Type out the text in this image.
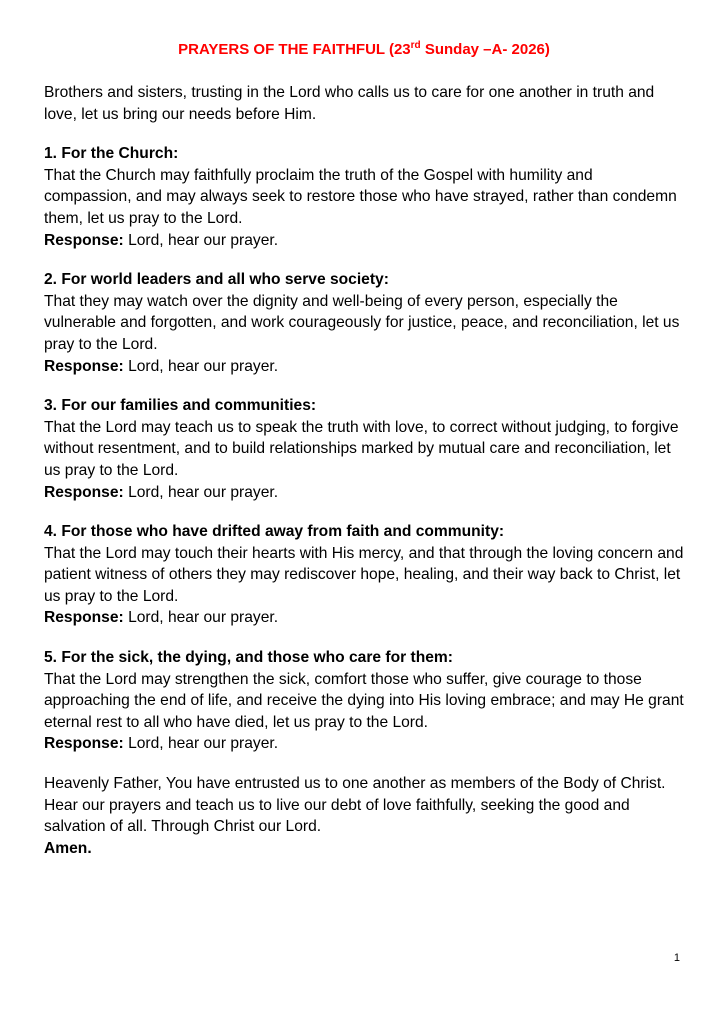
PRAYERS OF THE FAITHFUL (23rd Sunday –A- 2026)

Brothers and sisters, trusting in the Lord who calls us to care for one another in truth and love, let us bring our needs before Him.

1. For the Church:
That the Church may faithfully proclaim the truth of the Gospel with humility and compassion, and may always seek to restore those who have strayed, rather than condemn them, let us pray to the Lord.
Response: Lord, hear our prayer.

2. For world leaders and all who serve society:
That they may watch over the dignity and well-being of every person, especially the vulnerable and forgotten, and work courageously for justice, peace, and reconciliation, let us pray to the Lord.
Response: Lord, hear our prayer.

3. For our families and communities:
That the Lord may teach us to speak the truth with love, to correct without judging, to forgive without resentment, and to build relationships marked by mutual care and reconciliation, let us pray to the Lord.
Response: Lord, hear our prayer.

4. For those who have drifted away from faith and community:
That the Lord may touch their hearts with His mercy, and that through the loving concern and patient witness of others they may rediscover hope, healing, and their way back to Christ, let us pray to the Lord.
Response: Lord, hear our prayer.

5. For the sick, the dying, and those who care for them:
That the Lord may strengthen the sick, comfort those who suffer, give courage to those approaching the end of life, and receive the dying into His loving embrace; and may He grant eternal rest to all who have died, let us pray to the Lord.
Response: Lord, hear our prayer.

Heavenly Father, You have entrusted us to one another as members of the Body of Christ. Hear our prayers and teach us to live our debt of love faithfully, seeking the good and salvation of all. Through Christ our Lord.
Amen.

1
